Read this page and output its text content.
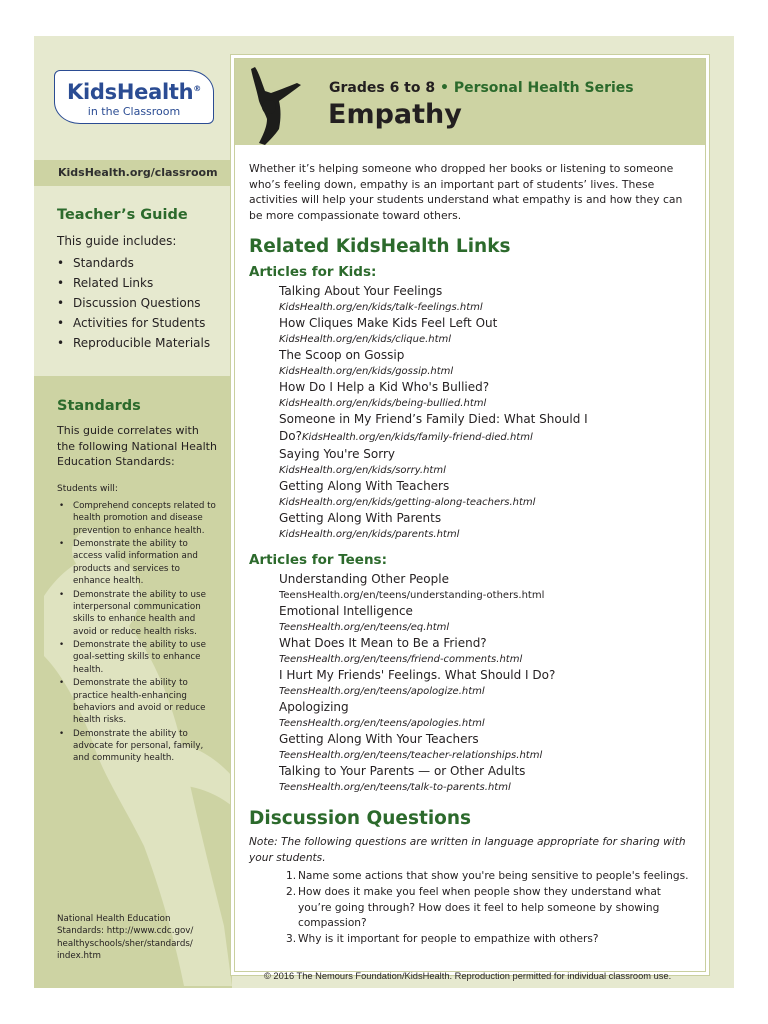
KidsHealth®
in the Classroom
KidsHealth.org/classroom
Teacher’s Guide
This guide includes:
• Standards
• Related Links
• Discussion Questions
• Activities for Students
• Reproducible Materials
Standards
This guide correlates with the following National Health Education Standards:
Students will:
• Comprehend concepts related to health promotion and disease prevention to enhance health.
• Demonstrate the ability to access valid information and products and services to enhance health.
• Demonstrate the ability to use interpersonal communication skills to enhance health and avoid or reduce health risks.
• Demonstrate the ability to use goal-setting skills to enhance health.
• Demonstrate the ability to practice health-enhancing behaviors and avoid or reduce health risks.
• Demonstrate the ability to advocate for personal, family, and community health.
National Health Education Standards: http://www.cdc.gov/ healthyschools/sher/standards/ index.htm
Grades 6 to 8 • Personal Health Series
Empathy

Whether it’s helping someone who dropped her books or listening to someone who’s feeling down, empathy is an important part of students’ lives. These activities will help your students understand what empathy is and how they can be more compassionate toward others.

Related KidsHealth Links
Articles for Kids:
Talking About Your Feelings
KidsHealth.org/en/kids/talk-feelings.html
How Cliques Make Kids Feel Left Out
KidsHealth.org/en/kids/clique.html
The Scoop on Gossip
KidsHealth.org/en/kids/gossip.html
How Do I Help a Kid Who's Bullied?
KidsHealth.org/en/kids/being-bullied.html
Someone in My Friend’s Family Died: What Should I
Do?KidsHealth.org/en/kids/family-friend-died.html
Saying You're Sorry
KidsHealth.org/en/kids/sorry.html
Getting Along With Teachers
KidsHealth.org/en/kids/getting-along-teachers.html
Getting Along With Parents
KidsHealth.org/en/kids/parents.html
Articles for Teens:
Understanding Other People
TeensHealth.org/en/teens/understanding-others.html
Emotional Intelligence
TeensHealth.org/en/teens/eq.html
What Does It Mean to Be a Friend?
TeensHealth.org/en/teens/friend-comments.html
I Hurt My Friends' Feelings. What Should I Do?
TeensHealth.org/en/teens/apologize.html
Apologizing
TeensHealth.org/en/teens/apologies.html
Getting Along With Your Teachers
TeensHealth.org/en/teens/teacher-relationships.html
Talking to Your Parents — or Other Adults
TeensHealth.org/en/teens/talk-to-parents.html
Discussion Questions

Note: The following questions are written in language appropriate for sharing with your students.

1. Name some actions that show you're being sensitive to people's feelings.
2. How does it make you feel when people show they understand what you’re going through? How does it feel to help someone by showing compassion?
3. Why is it important for people to empathize with others?
© 2016 The Nemours Foundation/KidsHealth. Reproduction permitted for individual classroom use.
